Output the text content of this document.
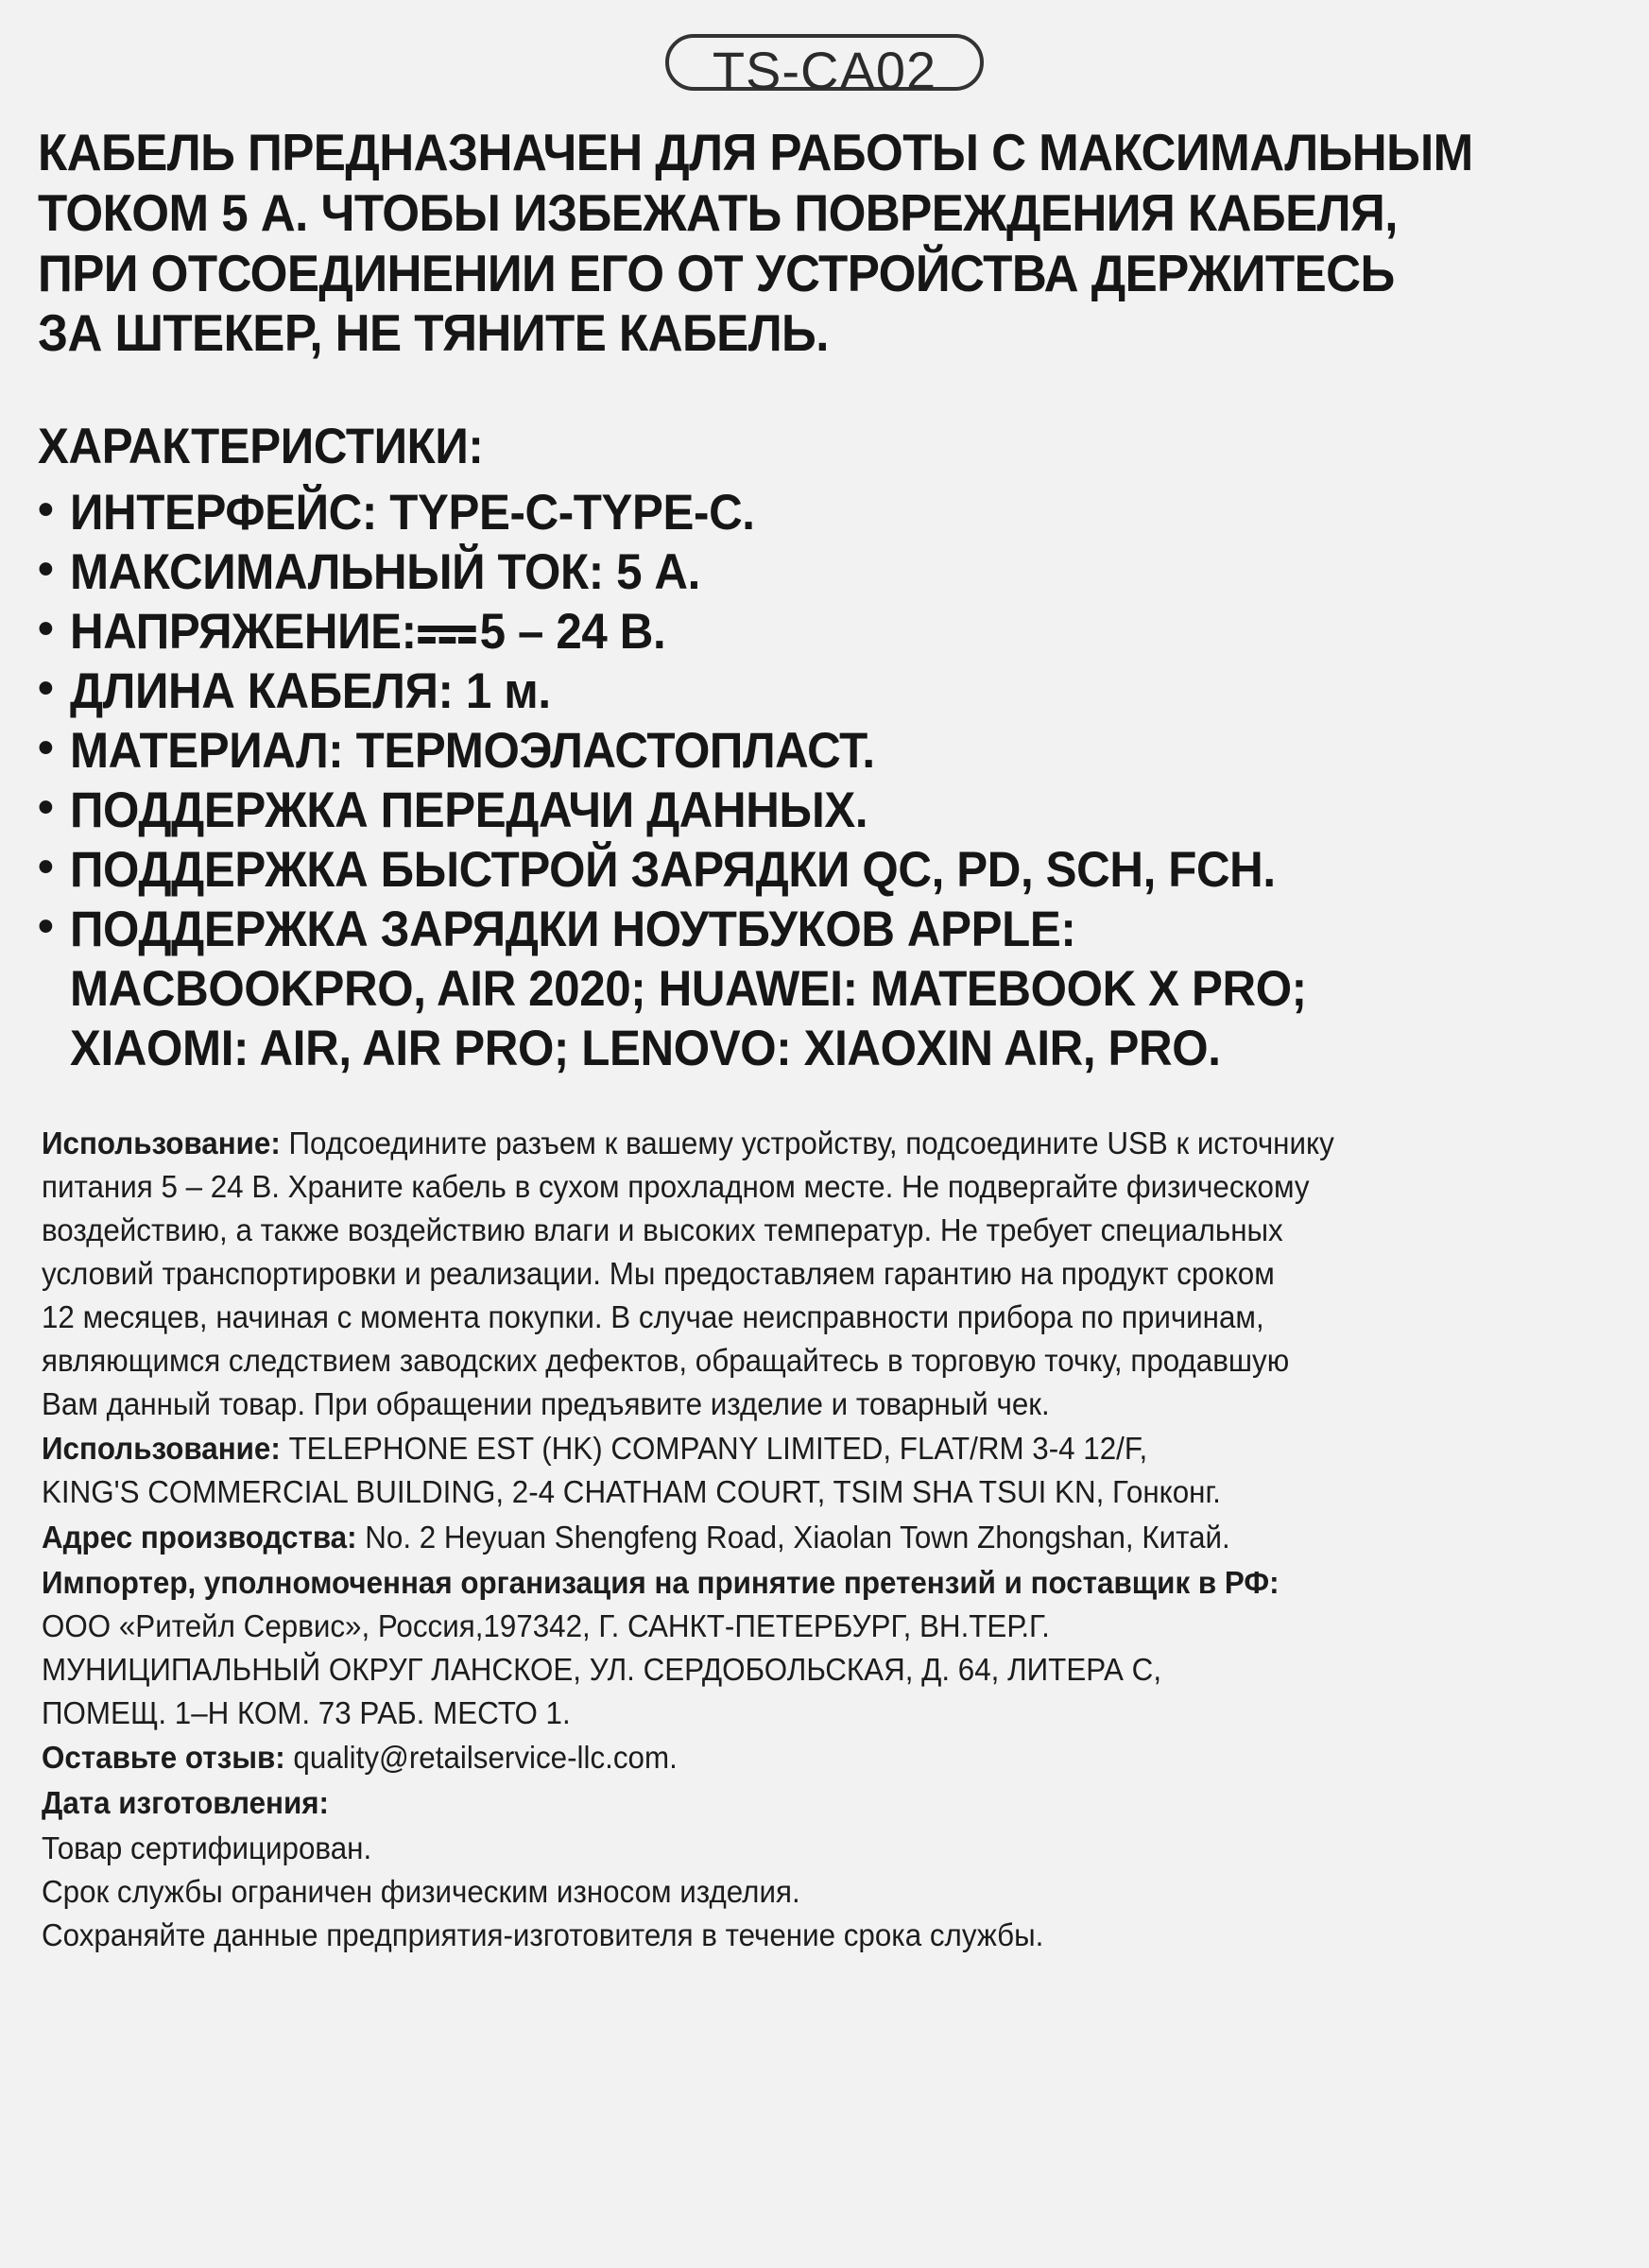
TS-CA02
КАБЕЛЬ ПРЕДНАЗНАЧЕН ДЛЯ РАБОТЫ С МАКСИМАЛЬНЫМ
ТОКОМ 5 А. ЧТОБЫ ИЗБЕЖАТЬ ПОВРЕЖДЕНИЯ КАБЕЛЯ,
ПРИ ОТСОЕДИНЕНИИ ЕГО ОТ УСТРОЙСТВА ДЕРЖИТЕСЬ
ЗА ШТЕКЕР, НЕ ТЯНИТЕ КАБЕЛЬ.
ХАРАКТЕРИСТИКИ:
• ИНТЕРФЕЙС: TYPE-C-TYPE-C.
• МАКСИМАЛЬНЫЙ ТОК: 5 А.
• НАПРЯЖЕНИЕ: 5 – 24 В.
• ДЛИНА КАБЕЛЯ: 1 м.
• МАТЕРИАЛ: ТЕРМОЭЛАСТОПЛАСТ.
• ПОДДЕРЖКА ПЕРЕДАЧИ ДАННЫХ.
• ПОДДЕРЖКА БЫСТРОЙ ЗАРЯДКИ QC, PD, SCH, FCH.
• ПОДДЕРЖКА ЗАРЯДКИ НОУТБУКОВ APPLE:
MACBOOKPRO, AIR 2020; HUAWEI: MATEBOOK X PRO;
XIAOMI: AIR, AIR PRO; LENOVO: XIAOXIN AIR, PRO.
Использование: Подсоедините разъем к вашему устройству, подсоедините USB к источнику
питания 5 – 24 В. Храните кабель в сухом прохладном месте. Не подвергайте физическому
воздействию, а также воздействию влаги и высоких температур. Не требует специальных
условий транспортировки и реализации. Мы предоставляем гарантию на продукт сроком
12 месяцев, начиная с момента покупки. В случае неисправности прибора по причинам,
являющимся следствием заводских дефектов, обращайтесь в торговую точку, продавшую
Вам данный товар. При обращении предъявите изделие и товарный чек.
Использование: TELEPHONE EST (HK) COMPANY LIMITED, FLAT/RM 3-4 12/F,
KING'S COMMERCIAL BUILDING, 2-4 CHATHAM COURT, TSIM SHA TSUI KN, Гонконг.
Адрес производства: No. 2 Heyuan Shengfeng Road, Xiaolan Town Zhongshan, Китай.
Импортер, уполномоченная организация на принятие претензий и поставщик в РФ:
ООО «Ритейл Сервис», Россия,197342, Г. САНКТ-ПЕТЕРБУРГ, ВН.ТЕР.Г.
МУНИЦИПАЛЬНЫЙ ОКРУГ ЛАНСКОЕ, УЛ. СЕРДОБОЛЬСКАЯ, Д. 64, ЛИТЕРА С,
ПОМЕЩ. 1–Н КОМ. 73 РАБ. МЕСТО 1.
Оставьте отзыв: quality@retailservice-llc.com.
Дата изготовления:
Товар сертифицирован.
Срок службы ограничен физическим износом изделия.
Сохраняйте данные предприятия-изготовителя в течение срока службы.
